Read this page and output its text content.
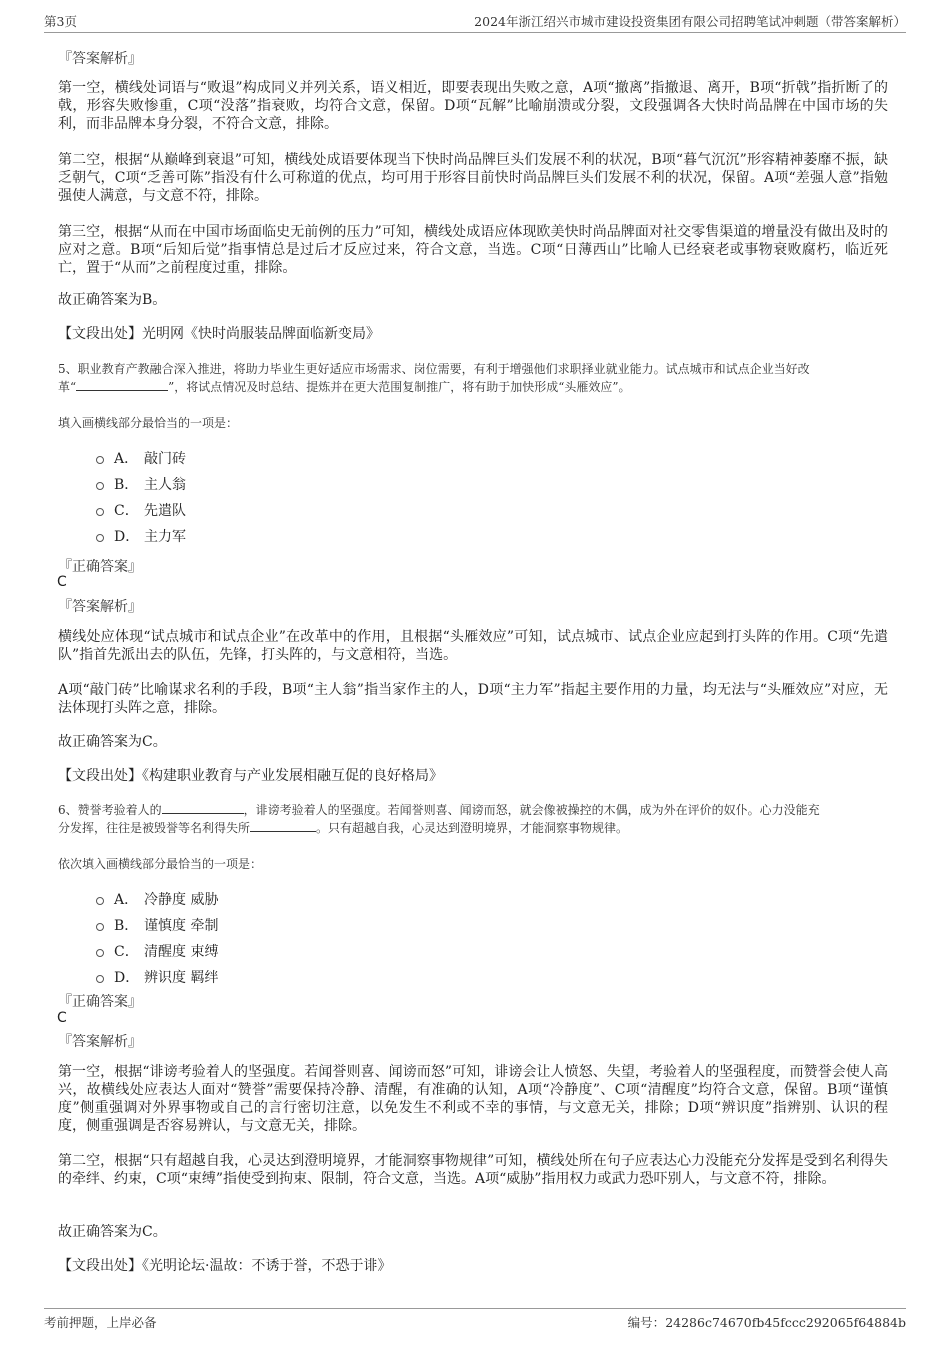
第3页	2024年浙江绍兴市城市建设投资集团有限公司招聘笔试冲刺题（带答案解析）
『答案解析』
第一空，横线处词语与“败退”构成同义并列关系，语义相近，即要表现出失败之意，A项“撤离”指撤退、离开，B项“折戟”指折断了的戟，形容失败惨重，C项“没落”指衰败，均符合文意，保留。D项“瓦解”比喻崩溃或分裂，文段强调各大快时尚品牌在中国市场的失利，而非品牌本身分裂，不符合文意，排除。
第二空，根据“从巅峰到衰退”可知，横线处成语要体现当下快时尚品牌巨头们发展不利的状况，B项“暮气沉沉”形容精神萎靡不振，缺乏朝气，C项“乏善可陈”指没有什么可称道的优点，均可用于形容目前快时尚品牌巨头们发展不利的状况，保留。A项“差强人意”指勉强使人满意，与文意不符，排除。
第三空，根据“从而在中国市场面临史无前例的压力”可知，横线处成语应体现欧美快时尚品牌面对社交零售渠道的增量没有做出及时的应对之意。B项“后知后觉”指事情总是过后才反应过来，符合文意，当选。C项“日薄西山”比喻人已经衰老或事物衰败腐朽，临近死亡，置于“从而”之前程度过重，排除。
故正确答案为B。
【文段出处】光明网《快时尚服装品牌面临新变局》
5、职业教育产教融合深入推进，将助力毕业生更好适应市场需求、岗位需要，有利于增强他们求职择业就业能力。试点城市和试点企业当好改
革“	”，将试点情况及时总结、提炼并在更大范围复制推广，将有助于加快形成“头雁效应”。
填入画横线部分最恰当的一项是：
A． 敲门砖
B． 主人翁
C． 先遣队
D． 主力军
『正确答案』
C
『答案解析』
横线处应体现“试点城市和试点企业”在改革中的作用，且根据“头雁效应”可知，试点城市、试点企业应起到打头阵的作用。C项“先遣队”指首先派出去的队伍，先锋，打头阵的，与文意相符，当选。
A项“敲门砖”比喻谋求名利的手段，B项“主人翁”指当家作主的人，D项“主力军”指起主要作用的力量，均无法与“头雁效应”对应，无法体现打头阵之意，排除。
故正确答案为C。
【文段出处】《构建职业教育与产业发展相融互促的良好格局》
6、赞誉考验着人的	，诽谤考验着人的坚强度。若闻誉则喜、闻谤而怒，就会像被操控的木偶，成为外在评价的奴仆。心力没能充
分发挥，往往是被毁誉等名利得失所	。只有超越自我，心灵达到澄明境界，才能洞察事物规律。
依次填入画横线部分最恰当的一项是：
A． 冷静度 威胁
B． 谨慎度 牵制
C． 清醒度 束缚
D． 辨识度 羁绊
『正确答案』
C
『答案解析』
第一空，根据“诽谤考验着人的坚强度。若闻誉则喜、闻谤而怒”可知，诽谤会让人愤怒、失望，考验着人的坚强程度，而赞誉会使人高兴，故横线处应表达人面对“赞誉”需要保持冷静、清醒，有准确的认知，A项“冷静度”、C项“清醒度”均符合文意，保留。B项“谨慎度”侧重强调对外界事物或自己的言行密切注意，以免发生不利或不幸的事情，与文意无关，排除；D项“辨识度”指辨别、认识的程度，侧重强调是否容易辨认，与文意无关，排除。
第二空，根据“只有超越自我，心灵达到澄明境界，才能洞察事物规律”可知，横线处所在句子应表达心力没能充分发挥是受到名利得失的牵绊、约束，C项“束缚”指使受到拘束、限制，符合文意，当选。A项“威胁”指用权力或武力恐吓别人，与文意不符，排除。
故正确答案为C。
【文段出处】《光明论坛·温故：不诱于誉，不恐于诽》
考前押题，上岸必备	编号：24286c74670fb45fccc292065f64884b
